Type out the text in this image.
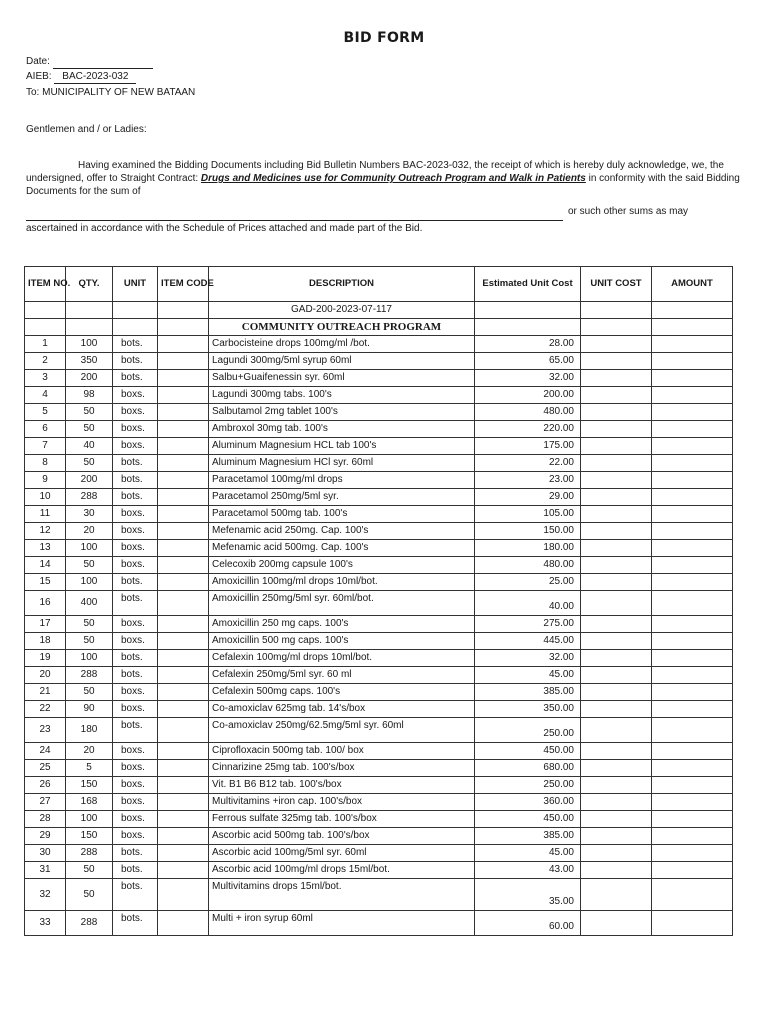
BID FORM
Date:
AIEB: BAC-2023-032
To: MUNICIPALITY OF NEW BATAAN
Gentlemen and / or Ladies:
Having examined the Bidding Documents including Bid Bulletin Numbers BAC-2023-032, the receipt of which is hereby duly acknowledge, we, the undersigned, offer to Straight Contract: Drugs and Medicines use for Community Outreach Program and Walk in Patients in conformity with the said Bidding Documents for the sum of
or such other sums as may
ascertained in accordance with the Schedule of Prices attached and made part of the Bid.
ITEM NO.	QTY.	UNIT	ITEM CODE	DESCRIPTION	Estimated Unit Cost	UNIT COST	AMOUNT
				GAD-200-2023-07-117			
				COMMUNITY OUTREACH PROGRAM			
1	100	bots.		Carbocisteine drops 100mg/ml /bot.	28.00		
2	350	bots.		Lagundi 300mg/5ml syrup 60ml	65.00		
3	200	bots.		Salbu+Guaifenessin syr. 60ml	32.00		
4	98	boxs.		Lagundi 300mg tabs. 100's	200.00		
5	50	boxs.		Salbutamol 2mg tablet 100's	480.00		
6	50	boxs.		Ambroxol 30mg tab. 100's	220.00		
7	40	boxs.		Aluminum Magnesium HCL tab 100's	175.00		
8	50	bots.		Aluminum Magnesium HCl syr. 60ml	22.00		
9	200	bots.		Paracetamol 100mg/ml drops	23.00		
10	288	bots.		Paracetamol 250mg/5ml syr.	29.00		
11	30	boxs.		Paracetamol 500mg tab. 100's	105.00		
12	20	boxs.		Mefenamic acid 250mg. Cap. 100's	150.00		
13	100	boxs.		Mefenamic acid 500mg. Cap. 100's	180.00		
14	50	boxs.		Celecoxib 200mg capsule 100's	480.00		
15	100	bots.		Amoxicillin 100mg/ml drops 10ml/bot.	25.00		
16	400	bots.		Amoxicillin 250mg/5ml syr. 60ml/bot.	40.00		
17	50	boxs.		Amoxicillin 250 mg caps. 100's	275.00		
18	50	boxs.		Amoxicillin 500 mg caps. 100's	445.00		
19	100	bots.		Cefalexin 100mg/ml drops 10ml/bot.	32.00		
20	288	bots.		Cefalexin 250mg/5ml syr. 60 ml	45.00		
21	50	boxs.		Cefalexin 500mg caps. 100's	385.00		
22	90	boxs.		Co-amoxiclav 625mg tab. 14's/box	350.00		
23	180	bots.		Co-amoxiclav 250mg/62.5mg/5ml syr. 60ml	250.00		
24	20	boxs.		Ciprofloxacin 500mg tab. 100/ box	450.00		
25	5	boxs.		Cinnarizine 25mg tab. 100's/box	680.00		
26	150	boxs.		Vit. B1 B6 B12 tab. 100's/box	250.00		
27	168	boxs.		Multivitamins +iron cap. 100's/box	360.00		
28	100	boxs.		Ferrous sulfate 325mg tab. 100's/box	450.00		
29	150	boxs.		Ascorbic acid 500mg tab. 100's/box	385.00		
30	288	bots.		Ascorbic acid 100mg/5ml syr. 60ml	45.00		
31	50	bots.		Ascorbic acid 100mg/ml drops 15ml/bot.	43.00		
32	50	bots.		Multivitamins drops 15ml/bot.	35.00		
33	288	bots.		Multi + iron syrup 60ml	60.00		
